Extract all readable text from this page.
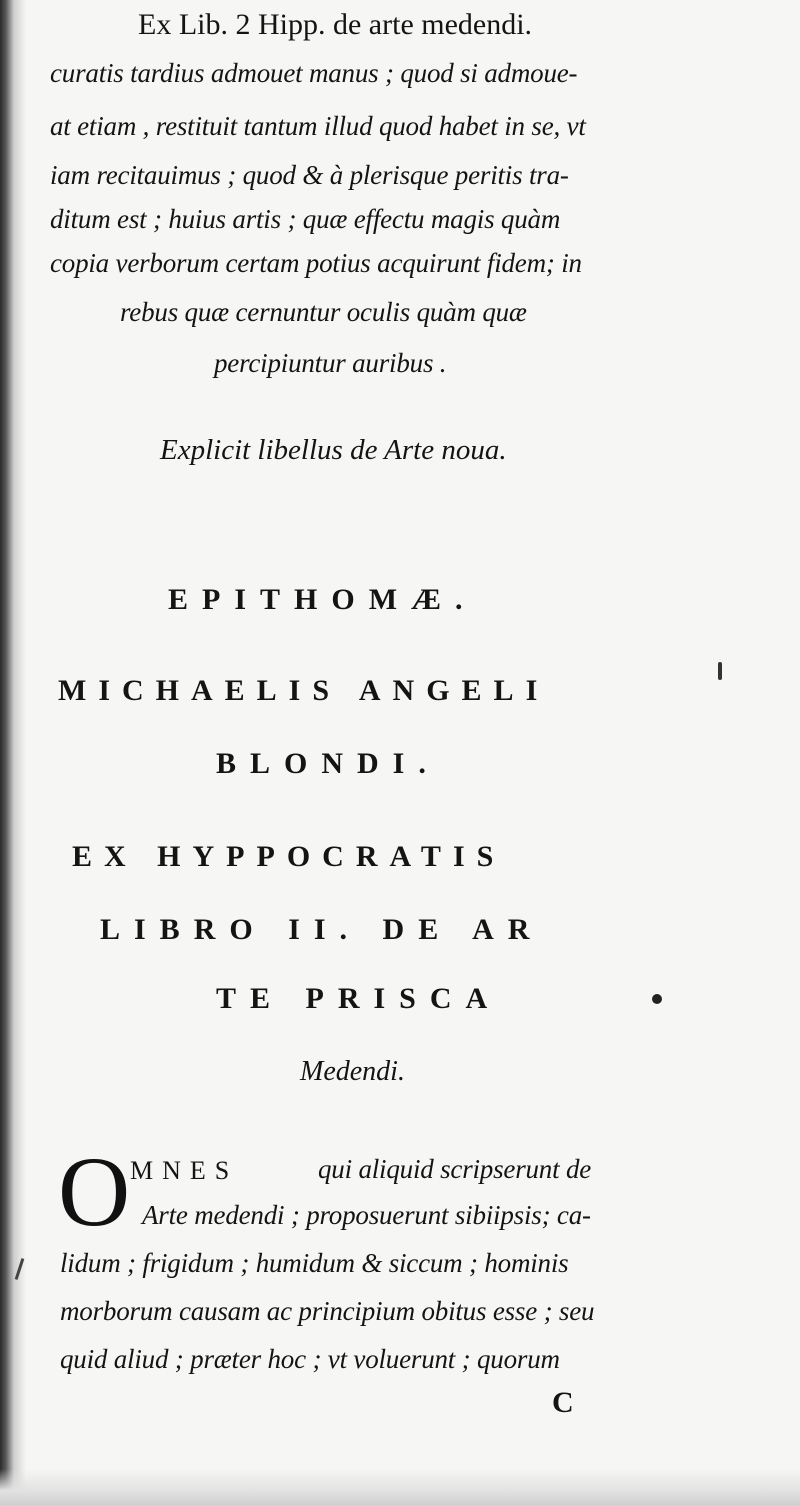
Ex Lib. 2 Hipp. de arte medendi.
curatis tardius admouet manus ; quod si admoue-
at etiam , restituit tantum illud quod habet in se, vt
iam recitauimus ; quod & à plerisque peritis tra-
ditum est ; huius artis ; quæ effectu magis quàm
copia verborum certam potius acquirunt fidem; in
rebus quæ cernuntur oculis quàm quæ
percipiuntur auribus .
Explicit libellus de Arte noua.
EPITHOMÆ.
MICHAELIS ANGELI
BLONDI.
EX HYPPOCRATIS
LIBRO II. DE AR
TE PRISCA
Medendi.
O MNES	qui aliquid scripserunt de
Arte medendi ; proposuerunt sibiipsis; ca-
lidum ; frigidum ; humidum & siccum ; hominis
morborum causam ac principium obitus esse ; seu
quid aliud ; præter hoc ; vt voluerunt ; quorum
C
